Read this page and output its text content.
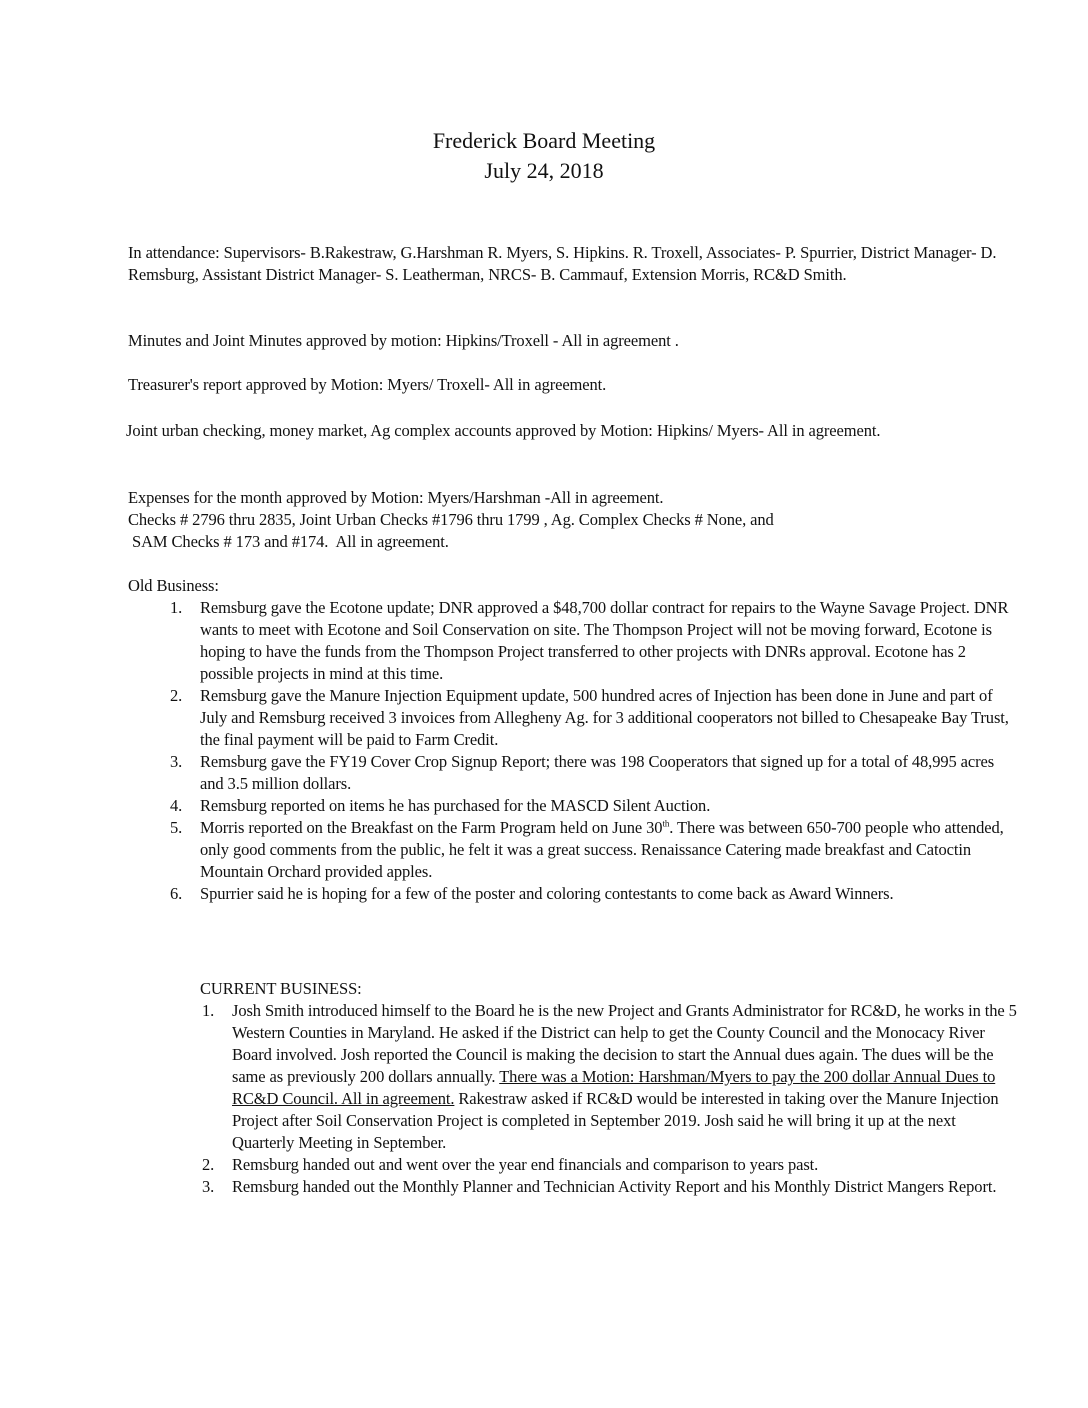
Frederick Board Meeting
July 24, 2018

In attendance: Supervisors- B.Rakestraw, G.Harshman R. Myers, S. Hipkins. R. Troxell, Associates- P. Spurrier, District Manager- D. Remsburg, Assistant District Manager- S. Leatherman, NRCS- B. Cammauf, Extension Morris, RC&D Smith.

Minutes and Joint Minutes approved by motion: Hipkins/Troxell - All in agreement .

Treasurer's report approved by Motion: Myers/ Troxell- All in agreement.

Joint urban checking, money market, Ag complex accounts approved by Motion: Hipkins/ Myers- All in agreement.

Expenses for the month approved by Motion: Myers/Harshman -All in agreement.
Checks # 2796 thru 2835, Joint Urban Checks #1796 thru 1799 , Ag. Complex Checks # None, and
SAM Checks # 173 and #174.  All in agreement.

Old Business:

1. Remsburg gave the Ecotone update; DNR approved a $48,700 dollar contract for repairs to the Wayne Savage Project. DNR wants to meet with Ecotone and Soil Conservation on site. The Thompson Project will not be moving forward, Ecotone is hoping to have the funds from the Thompson Project transferred to other projects with DNRs approval. Ecotone has 2 possible projects in mind at this time.
2. Remsburg gave the Manure Injection Equipment update, 500 hundred acres of Injection has been done in June and part of July and Remsburg received 3 invoices from Allegheny Ag. for 3 additional cooperators not billed to Chesapeake Bay Trust, the final payment will be paid to Farm Credit.
3. Remsburg gave the FY19 Cover Crop Signup Report; there was 198 Cooperators that signed up for a total of 48,995 acres and 3.5 million dollars.
4. Remsburg reported on items he has purchased for the MASCD Silent Auction.
5. Morris reported on the Breakfast on the Farm Program held on June 30th. There was between 650-700 people who attended, only good comments from the public, he felt it was a great success. Renaissance Catering made breakfast and Catoctin Mountain Orchard provided apples.
6. Spurrier said he is hoping for a few of the poster and coloring contestants to come back as Award Winners.

CURRENT BUSINESS:

1. Josh Smith introduced himself to the Board he is the new Project and Grants Administrator for RC&D, he works in the 5 Western Counties in Maryland. He asked if the District can help to get the County Council and the Monocacy River Board involved. Josh reported the Council is making the decision to start the Annual dues again. The dues will be the same as previously 200 dollars annually. There was a Motion: Harshman/Myers to pay the 200 dollar Annual Dues to RC&D Council. All in agreement. Rakestraw asked if RC&D would be interested in taking over the Manure Injection Project after Soil Conservation Project is completed in September 2019. Josh said he will bring it up at the next Quarterly Meeting in September.
2. Remsburg handed out and went over the year end financials and comparison to years past.
3. Remsburg handed out the Monthly Planner and Technician Activity Report and his Monthly District Mangers Report.
